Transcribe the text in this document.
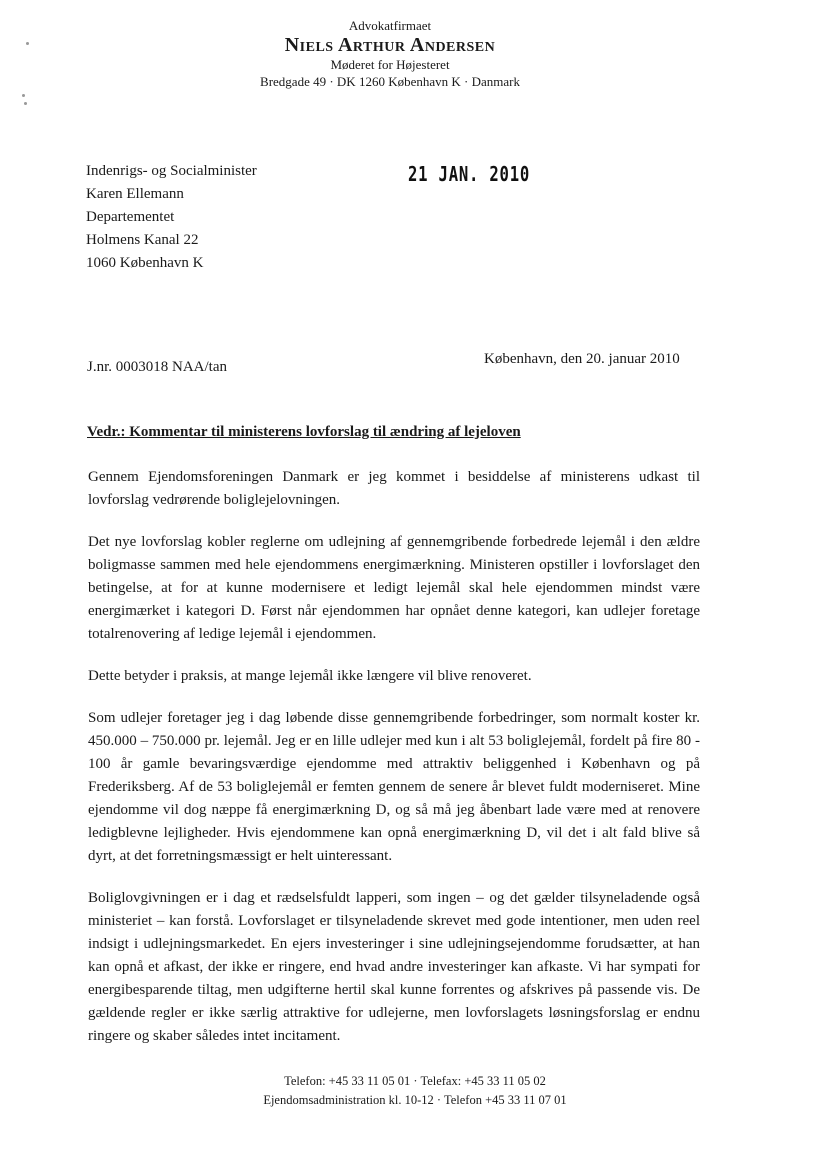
Advokatfirmaet
Niels Arthur Andersen
Møderet for Højesteret
Bredgade 49 · DK 1260 København K · Danmark
Indenrigs- og Socialminister
Karen Ellemann
Departementet
Holmens Kanal 22
1060 København K
21 JAN. 2010
J.nr. 0003018 NAA/tan	København, den 20. januar 2010
Vedr.: Kommentar til ministerens lovforslag til ændring af lejeloven

Gennem Ejendomsforeningen Danmark er jeg kommet i besiddelse af ministerens udkast til lovforslag vedrørende boliglejelovningen.

Det nye lovforslag kobler reglerne om udlejning af gennemgribende forbedrede lejemål i den ældre boligmasse sammen med hele ejendommens energimærkning. Ministeren opstiller i lovforslaget den betingelse, at for at kunne modernisere et ledigt lejemål skal hele ejendommen mindst være energimærket i kategori D. Først når ejendommen har opnået denne kategori, kan udlejer foretage totalrenovering af ledige lejemål i ejendommen.

Dette betyder i praksis, at mange lejemål ikke længere vil blive renoveret.

Som udlejer foretager jeg i dag løbende disse gennemgribende forbedringer, som normalt koster kr. 450.000 – 750.000 pr. lejemål. Jeg er en lille udlejer med kun i alt 53 boliglejemål, fordelt på fire 80 - 100 år gamle bevaringsværdige ejendomme med attraktiv beliggenhed i København og på Frederiksberg. Af de 53 boliglejemål er femten gennem de senere år blevet fuldt moderniseret. Mine ejendomme vil dog næppe få energimærkning D, og så må jeg åbenbart lade være med at renovere ledigblevne lejligheder. Hvis ejendommene kan opnå energimærkning D, vil det i alt fald blive så dyrt, at det forretningsmæssigt er helt uinteressant.

Boliglovgivningen er i dag et rædselsfuldt lapperi, som ingen – og det gælder tilsyneladende også ministeriet – kan forstå. Lovforslaget er tilsyneladende skrevet med gode intentioner, men uden reel indsigt i udlejningsmarkedet. En ejers investeringer i sine udlejningsejendomme forudsætter, at han kan opnå et afkast, der ikke er ringere, end hvad andre investeringer kan afkaste. Vi har sympati for energibesparende tiltag, men udgifterne hertil skal kunne forrentes og afskrives på passende vis. De gældende regler er ikke særlig attraktive for udlejerne, men lovforslagets løsningsforslag er endnu ringere og skaber således intet incitament.

Telefon: +45 33 11 05 01 · Telefax: +45 33 11 05 02
Ejendomsadministration kl. 10-12 · Telefon +45 33 11 07 01
